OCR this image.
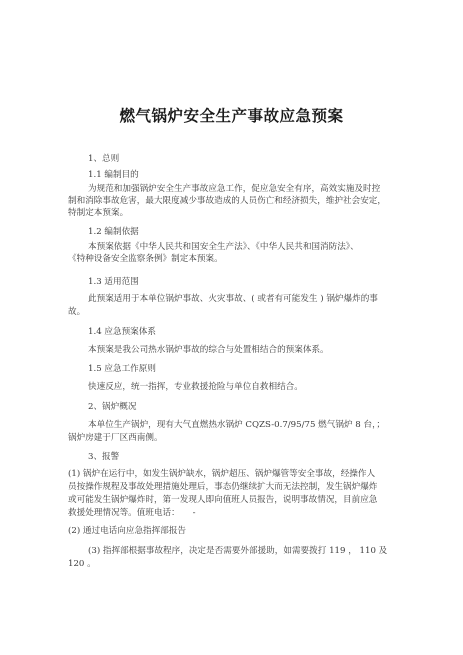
燃气锅炉安全生产事故应急预案
1、总则
1.1 编制目的
为规范和加强锅炉安全生产事故应急工作，促应急安全有序，高效实施及时控
制和消除事故危害，最大限度减少事故造成的人员伤亡和经济损失，维护社会安定，
特制定本预案。
1.2 编制依据
本预案依据《中华人民共和国安全生产法》、《中华人民共和国消防法》、
《特种设备安全监察条例》制定本预案。
1.3 适用范围
此预案适用于本单位锅炉事故、火灾事故、( 或者有可能发生 ) 锅炉爆炸的事
故。
1.4 应急预案体系
本预案是我公司热水锅炉事故的综合与处置相结合的预案体系。
1.5 应急工作原则
快速反应，统一指挥，专业救援抢险与单位自救相结合。
2、锅炉概况
本单位生产锅炉，现有大气直燃热水锅炉 CQZS-0.7/95/75 燃气锅炉 8 台，；
锅炉房建于厂区西南侧。
3、报警
(1) 锅炉在运行中，如发生锅炉缺水，锅炉超压、锅炉爆管等安全事故，经操作人
员按操作规程及事故处理措施处理后，事态仍继续扩大而无法控制，发生锅炉爆炸
或可能发生锅炉爆炸时，第一发现人即向值班人员报告，说明事故情况，目前应急
救援处理情况等。值班电话：　　-
(2) 通过电话向应急指挥部报告
(3) 指挥部根据事故程序，决定是否需要外部援助，如需要拨打 119 ， 110 及
120 。
